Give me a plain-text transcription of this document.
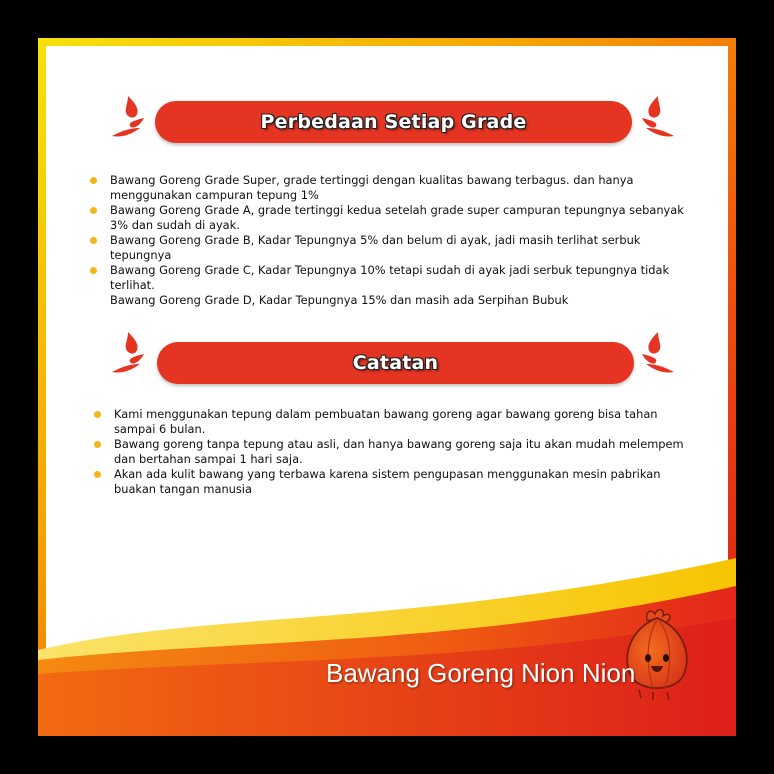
Perbedaan Setiap Grade
Bawang Goreng Grade Super, grade tertinggi dengan kualitas bawang terbagus. dan hanya menggunakan campuran tepung 1%
Bawang Goreng Grade A, grade tertinggi kedua setelah grade super campuran tepungnya sebanyak 3% dan sudah di ayak.
Bawang Goreng Grade B, Kadar Tepungnya 5% dan belum di ayak, jadi masih terlihat serbuk tepungnya
Bawang Goreng Grade C, Kadar Tepungnya 10% tetapi sudah di ayak jadi serbuk tepungnya tidak terlihat.
Bawang Goreng Grade D, Kadar Tepungnya 15% dan masih ada Serpihan Bubuk
Catatan
Kami menggunakan tepung dalam pembuatan bawang goreng agar bawang goreng bisa tahan sampai 6 bulan.
Bawang goreng tanpa tepung atau asli, dan hanya bawang goreng saja itu akan mudah melempem dan bertahan sampai 1 hari saja.
Akan ada kulit bawang yang terbawa karena sistem pengupasan menggunakan mesin pabrikan buakan tangan manusia
Bawang Goreng Nion Nion
